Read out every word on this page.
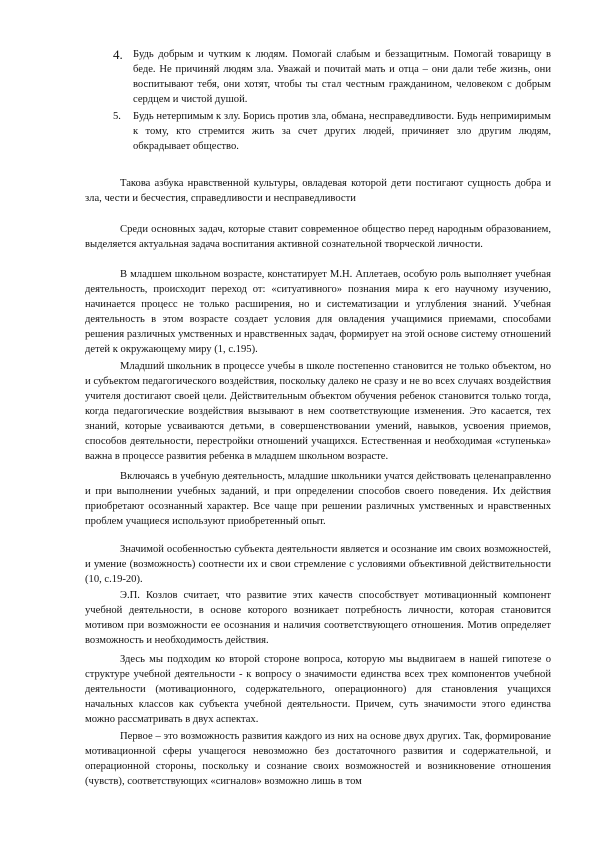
4. Будь добрым и чутким к людям. Помогай слабым и беззащитным. Помогай товарищу в беде. Не причиняй людям зла. Уважай и почитай мать и отца – они дали тебе жизнь, они воспитывают тебя, они хотят, чтобы ты стал честным гражданином, человеком с добрым сердцем и чистой душой.
5. Будь нетерпимым к злу. Борись против зла, обмана, несправедливости. Будь непримиримым к тому, кто стремится жить за счет других людей, причиняет зло другим людям, обкрадывает общество.

Такова азбука нравственной культуры, овладевая которой дети постигают сущность добра и зла, чести и бесчестия, справедливости и несправедливости

Среди основных задач, которые ставит современное общество перед народным образованием, выделяется актуальная задача воспитания активной сознательной творческой личности.

В младшем школьном возрасте, констатирует М.Н. Аплетаев, особую роль выполняет учебная деятельность, происходит переход от: «ситуативного» познания мира к его научному изучению, начинается процесс не только расширения, но и систематизации и углубления знаний. Учебная деятельность в этом возрасте создает условия для овладения учащимися приемами, способами решения различных умственных и нравственных задач, формирует на этой основе систему отношений детей к окружающему миру (1, с.195).

Младший школьник в процессе учебы в школе постепенно становится не только объектом, но и субъектом педагогического воздействия, поскольку далеко не сразу и не во всех случаях воздействия учителя достигают своей цели. Действительным объектом обучения ребенок становится только тогда, когда педагогические воздействия вызывают в нем соответствующие изменения. Это касается, тех знаний, которые усваиваются детьми, в совершенствовании умений, навыков, усвоения приемов, способов деятельности, перестройки отношений учащихся. Естественная и необходимая «ступенька» важна в процессе развития ребенка в младшем школьном возрасте.

Включаясь в учебную деятельность, младшие школьники учатся действовать целенаправленно и при выполнении учебных заданий, и при определении способов своего поведения. Их действия приобретают осознанный характер. Все чаще при решении различных умственных и нравственных проблем учащиеся используют приобретенный опыт.

Значимой особенностью субъекта деятельности является и осознание им своих возможностей, и умение (возможность) соотнести их и свои стремление с условиями объективной действительности (10, с.19-20).

Э.П. Козлов считает, что развитие этих качеств способствует мотивационный компонент учебной деятельности, в основе которого возникает потребность личности, которая становится мотивом при возможности ее осознания и наличия соответствующего отношения. Мотив определяет возможность и необходимость действия.

Здесь мы подходим ко второй стороне вопроса, которую мы выдвигаем в нашей гипотезе о структуре учебной деятельности - к вопросу о значимости единства всех трех компонентов учебной деятельности (мотивационного, содержательного, операционного) для становления учащихся начальных классов как субъекта учебной деятельности. Причем, суть значимости этого единства можно рассматривать в двух аспектах.

Первое – это возможность развития каждого из них на основе двух других. Так, формирование мотивационной сферы учащегося невозможно без достаточного развития и содержательной, и операционной стороны, поскольку и сознание своих возможностей и возникновение отношения (чувств), соответствующих «сигналов» возможно лишь в том
